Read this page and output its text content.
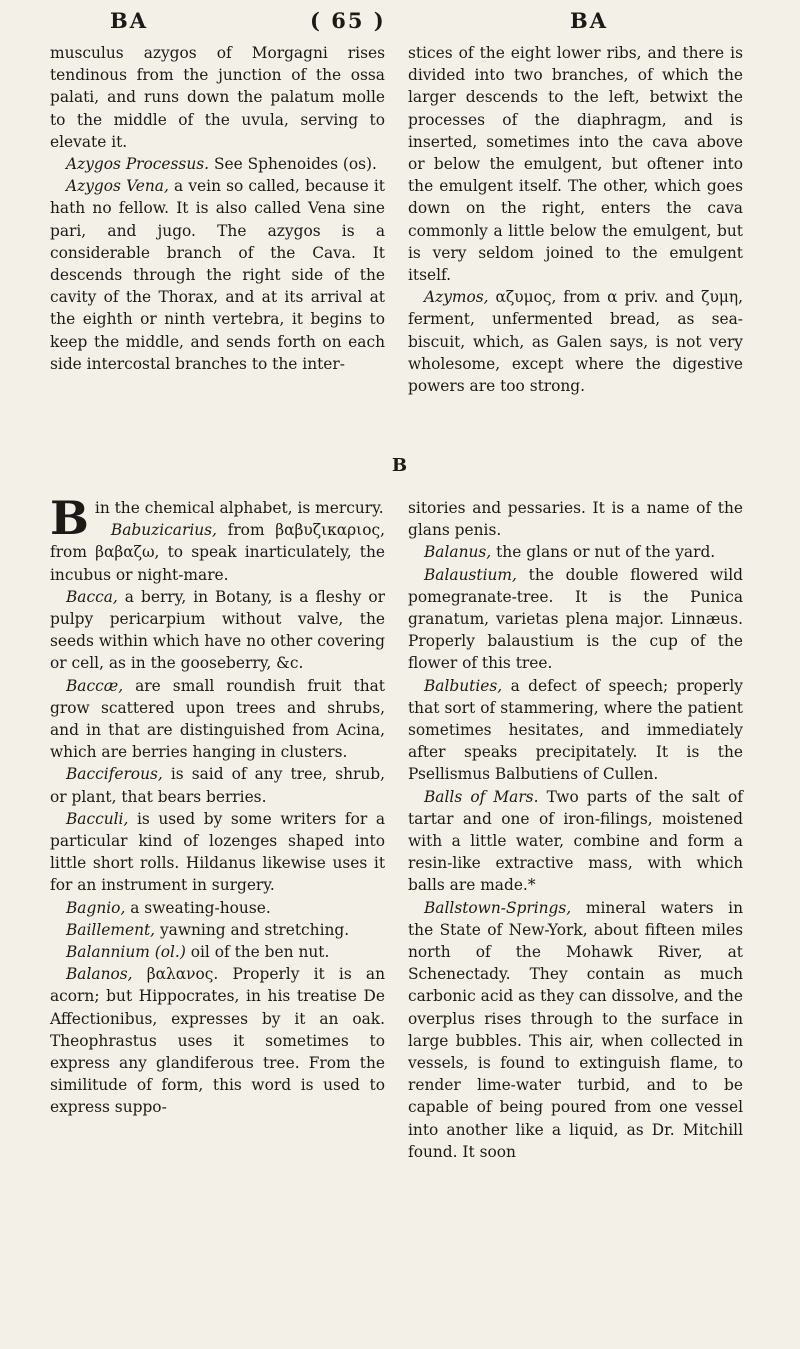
BA	( 65 )	BA

musculus azygos of Morgagni rises tendinous from the junction of the ossa palati, and runs down the palatum molle to the middle of the uvula, serving to elevate it.

Azygos Processus. See Sphenoides (os).

Azygos Vena, a vein so called, because it hath no fellow. It is also called Vena sine pari, and jugo. The azygos is a considerable branch of the Cava. It descends through the right side of the cavity of the Thorax, and at its arrival at the eighth or ninth vertebra, it begins to keep the middle, and sends forth on each side intercostal branches to the inter-

stices of the eight lower ribs, and there is divided into two branches, of which the larger descends to the left, betwixt the processes of the diaphragm, and is inserted, sometimes into the cava above or below the emulgent, but oftener into the emulgent itself. The other, which goes down on the right, enters the cava commonly a little below the emulgent, but is very seldom joined to the emulgent itself.

Azymos, αζυμος, from α priv. and ζυμη, ferment, unfermented bread, as sea-biscuit, which, as Galen says, is not very wholesome, except where the digestive powers are too strong.

B

B in the chemical alphabet, is mercury.

Babuzicarius, from βαβυζικαριος, from βαβαζω, to speak inarticulately, the incubus or night-mare.

Bacca, a berry, in Botany, is a fleshy or pulpy pericarpium without valve, the seeds within which have no other covering or cell, as in the gooseberry, &c.

Baccæ, are small roundish fruit that grow scattered upon trees and shrubs, and in that are distinguished from Acina, which are berries hanging in clusters.

Bacciferous, is said of any tree, shrub, or plant, that bears berries.

Bacculi, is used by some writers for a particular kind of lozenges shaped into little short rolls. Hildanus likewise uses it for an instrument in surgery.

Bagnio, a sweating-house.

Baillement, yawning and stretching.

Balannium (ol.) oil of the ben nut.

Balanos, βαλανος. Properly it is an acorn; but Hippocrates, in his treatise De Affectionibus, expresses by it an oak. Theophrastus uses it sometimes to express any glandiferous tree. From the similitude of form, this word is used to express suppo-

sitories and pessaries. It is a name of the glans penis.

Balanus, the glans or nut of the yard.

Balaustium, the double flowered wild pomegranate-tree. It is the Punica granatum, varietas plena major. Linnæus. Properly balaustium is the cup of the flower of this tree.

Balbuties, a defect of speech; properly that sort of stammering, where the patient sometimes hesitates, and immediately after speaks precipitately. It is the Psellismus Balbutiens of Cullen.

Balls of Mars. Two parts of the salt of tartar and one of iron-filings, moistened with a little water, combine and form a resin-like extractive mass, with which balls are made.*

Ballstown-Springs, mineral waters in the State of New-York, about fifteen miles north of the Mohawk River, at Schenectady. They contain as much carbonic acid as they can dissolve, and the overplus rises through to the surface in large bubbles. This air, when collected in vessels, is found to extinguish flame, to render lime-water turbid, and to be capable of being poured from one vessel into another like a liquid, as Dr. Mitchill found. It soon
